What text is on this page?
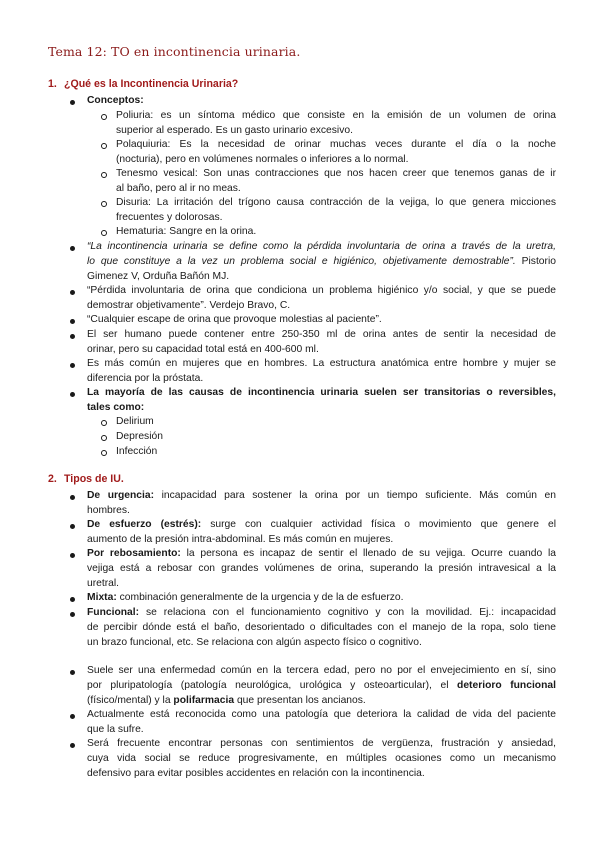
Tema 12: TO en incontinencia urinaria.
1. ¿Qué es la Incontinencia Urinaria?
Conceptos:
Poliuria: es un síntoma médico que consiste en la emisión de un volumen de orina
superior al esperado. Es un gasto urinario excesivo.
Polaquiuria: Es la necesidad de orinar muchas veces durante el día o la noche
(nocturia), pero en volúmenes normales o inferiores a lo normal.
Tenesmo vesical: Son unas contracciones que nos hacen creer que tenemos ganas de ir
al baño, pero al ir no meas.
Disuria: La irritación del trígono causa contracción de la vejiga, lo que genera micciones
frecuentes y dolorosas.
Hematuria: Sangre en la orina.
“La incontinencia urinaria se define como la pérdida involuntaria de orina a través de la uretra,
lo que constituye a la vez un problema social e higiénico, objetivamente demostrable”. Pistorio
Gimenez V, Orduña Bañón MJ.
“Pérdida involuntaria de orina que condiciona un problema higiénico y/o social, y que se puede
demostrar objetivamente”. Verdejo Bravo, C.
“Cualquier escape de orina que provoque molestias al paciente”.
El ser humano puede contener entre 250-350 ml de orina antes de sentir la necesidad de
orinar, pero su capacidad total está en 400-600 ml.
Es más común en mujeres que en hombres. La estructura anatómica entre hombre y mujer se
diferencia por la próstata.
La mayoría de las causas de incontinencia urinaria suelen ser transitorias o reversibles,
tales como:
Delirium
Depresión
Infección
2. Tipos de IU.
De urgencia: incapacidad para sostener la orina por un tiempo suficiente. Más común en
hombres.
De esfuerzo (estrés): surge con cualquier actividad física o movimiento que genere el
aumento de la presión intra-abdominal. Es más común en mujeres.
Por rebosamiento: la persona es incapaz de sentir el llenado de su vejiga. Ocurre cuando la
vejiga está a rebosar con grandes volúmenes de orina, superando la presión intravesical a la
uretral.
Mixta: combinación generalmente de la urgencia y de la de esfuerzo.
Funcional: se relaciona con el funcionamiento cognitivo y con la movilidad. Ej.: incapacidad
de percibir dónde está el baño, desorientado o dificultades con el manejo de la ropa, solo tiene
un brazo funcional, etc. Se relaciona con algún aspecto físico o cognitivo.
Suele ser una enfermedad común en la tercera edad, pero no por el envejecimiento en sí, sino
por pluripatología (patología neurológica, urológica y osteoarticular), el deterioro funcional
(físico/mental) y la polifarmacia que presentan los ancianos.
Actualmente está reconocida como una patología que deteriora la calidad de vida del paciente
que la sufre.
Será frecuente encontrar personas con sentimientos de vergüenza, frustración y ansiedad,
cuya vida social se reduce progresivamente, en múltiples ocasiones como un mecanismo
defensivo para evitar posibles accidentes en relación con la incontinencia.
